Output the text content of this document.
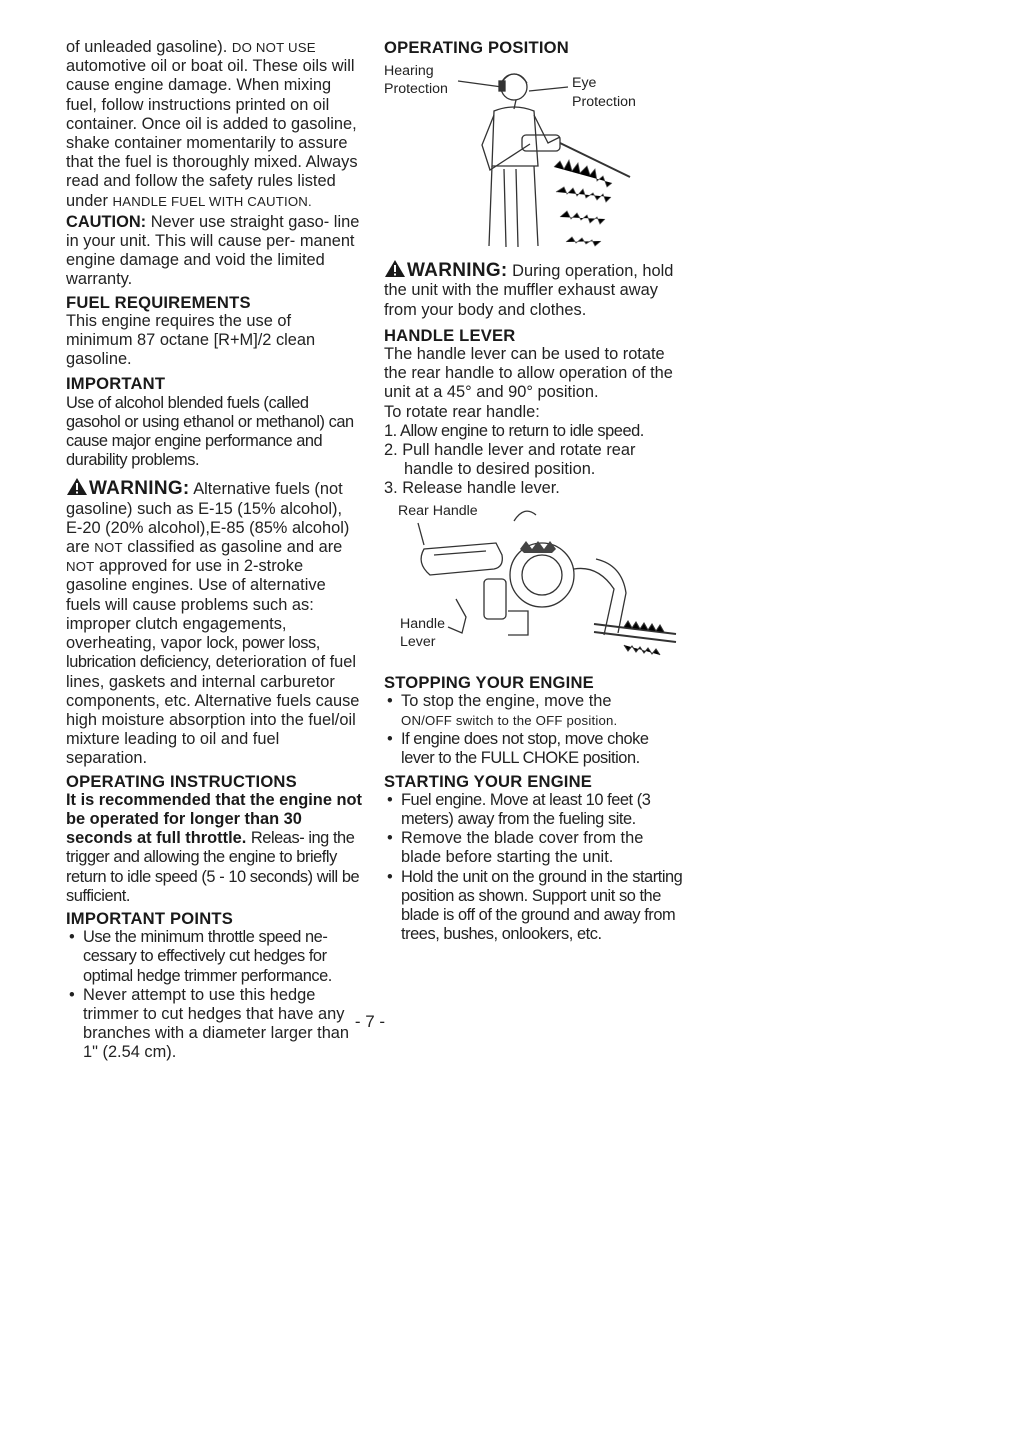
of unleaded gasoline). DO NOT USE automotive oil or boat oil. These oils will cause engine damage. When mixing fuel, follow instructions printed on oil container. Once oil is added to gasoline, shake container momentarily to assure that the fuel is thoroughly mixed. Always read and follow the safety rules listed under HANDLE FUEL WITH CAUTION.

CAUTION: Never use straight gaso- line in your unit. This will cause per- manent engine damage and void the limited warranty.

FUEL REQUIREMENTS

This engine requires the use of minimum 87 octane [R+M]/2 clean gasoline.

IMPORTANT

Use of alcohol blended fuels (called gasohol or using ethanol or methanol) can cause major engine performance and durability problems.

WARNING: Alternative fuels (not gasoline) such as E-15 (15% alcohol), E-20 (20% alcohol),E-85 (85% alcohol) are NOT classified as gasoline and are NOT approved for use in 2-stroke gasoline engines. Use of alternative fuels will cause problems such as: improper clutch engagements, overheating, vapor lock, power loss, lubrication deficiency, deterioration of fuel lines, gaskets and internal carburetor components, etc. Alternative fuels cause high moisture absorption into the fuel/oil mixture leading to oil and fuel separation.

OPERATING INSTRUCTIONS

It is recommended that the engine not be operated for longer than 30 seconds at full throttle. Releas- ing the trigger and allowing the engine to briefly return to idle speed (5 - 10 seconds) will be sufficient.

IMPORTANT POINTS
• Use the minimum throttle speed ne- cessary to effectively cut hedges for optimal hedge trimmer performance.
• Never attempt to use this hedge trimmer to cut hedges that have any branches with a diameter larger than 1" (2.54 cm).
OPERATING POSITION
Hearing
Protection	Eye
Protection

WARNING: During operation, hold the unit with the muffler exhaust away from your body and clothes.

HANDLE LEVER

The handle lever can be used to rotate the rear handle to allow operation of the unit at a 45° and 90° position.

To rotate rear handle:

1. Allow engine to return to idle speed.
2. Pull handle lever and rotate rear handle to desired position.
3. Release handle lever.
Rear Handle
Handle
Lever
STOPPING YOUR ENGINE
• To stop the engine, move the
ON/OFF switch to the OFF position.
• If engine does not stop, move choke lever to the FULL CHOKE position.
STARTING YOUR ENGINE
• Fuel engine. Move at least 10 feet (3 meters) away from the fueling site.
• Remove the blade cover from the blade before starting the unit.
• Hold the unit on the ground in the starting position as shown. Support unit so the blade is off of the ground and away from trees, bushes, onlookers, etc.
- 7 -
